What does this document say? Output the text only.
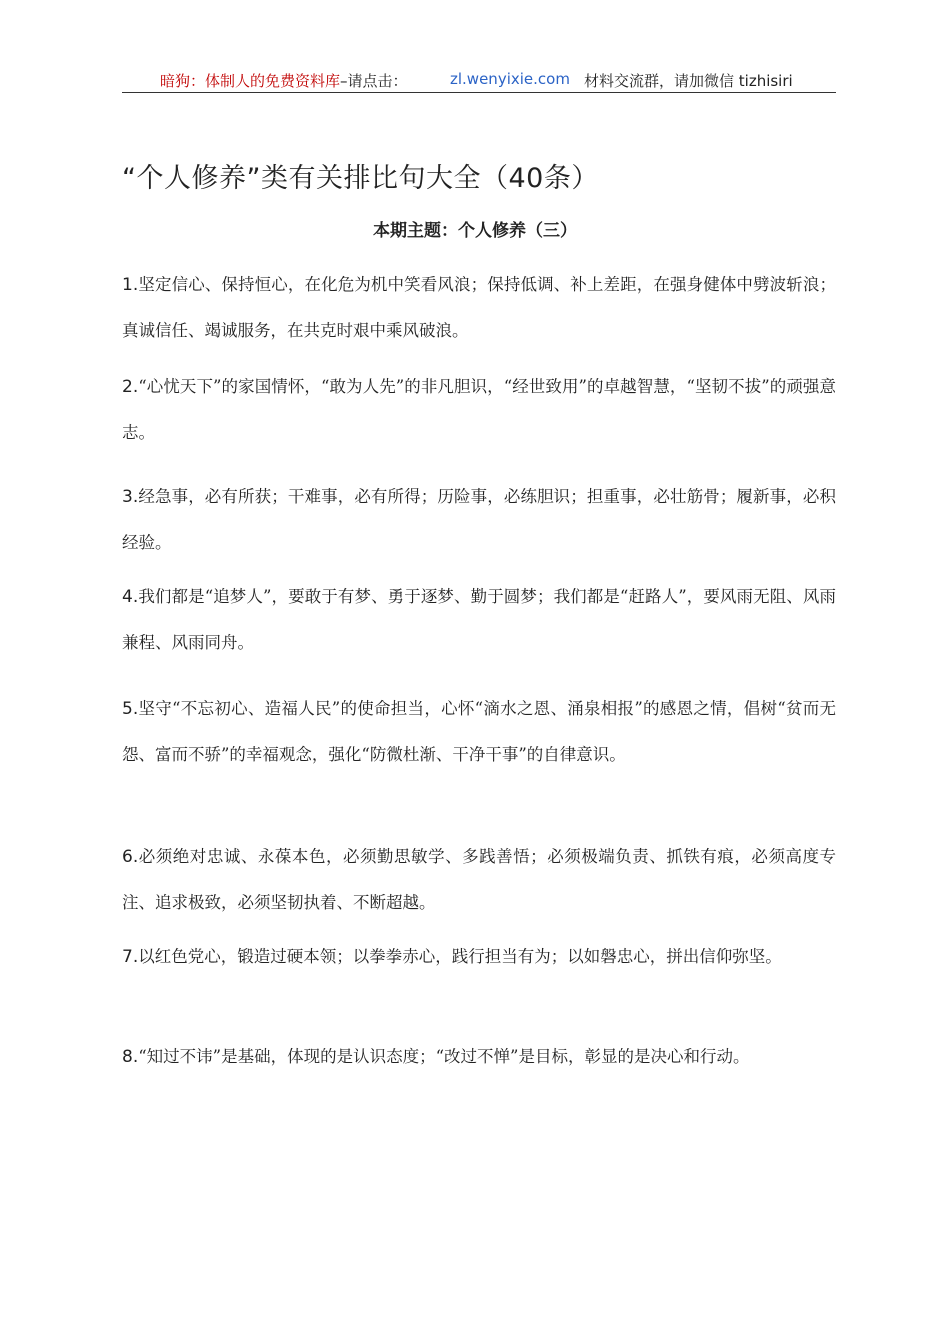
暗狗：体制人的免费资料库–请点击：	zl.wenyixie.com 材料交流群，请加微信 tizhisiri
“个人修养”类有关排比句大全（40条）
本期主题：个人修养（三）
1.坚定信心、保持恒心，在化危为机中笑看风浪；保持低调、补上差距，在强身健体中劈波斩浪；真诚信任、竭诚服务，在共克时艰中乘风破浪。
2.“心忧天下”的家国情怀，“敢为人先”的非凡胆识，“经世致用”的卓越智慧，“坚韧不拔”的顽强意志。
3.经急事，必有所获；干难事，必有所得；历险事，必练胆识；担重事，必壮筋骨；履新事，必积经验。
4.我们都是“追梦人”，要敢于有梦、勇于逐梦、勤于圆梦；我们都是“赶路人”，要风雨无阻、风雨兼程、风雨同舟。
5.坚守“不忘初心、造福人民”的使命担当，心怀“滴水之恩、涌泉相报”的感恩之情，倡树“贫而无怨、富而不骄”的幸福观念，强化“防微杜渐、干净干事”的自律意识。
6.必须绝对忠诚、永葆本色，必须勤思敏学、多践善悟；必须极端负责、抓铁有痕，必须高度专注、追求极致，必须坚韧执着、不断超越。
7.以红色党心，锻造过硬本领；以拳拳赤心，践行担当有为；以如磐忠心，拼出信仰弥坚。
8.“知过不讳”是基础，体现的是认识态度；“改过不惮”是目标，彰显的是决心和行动。
